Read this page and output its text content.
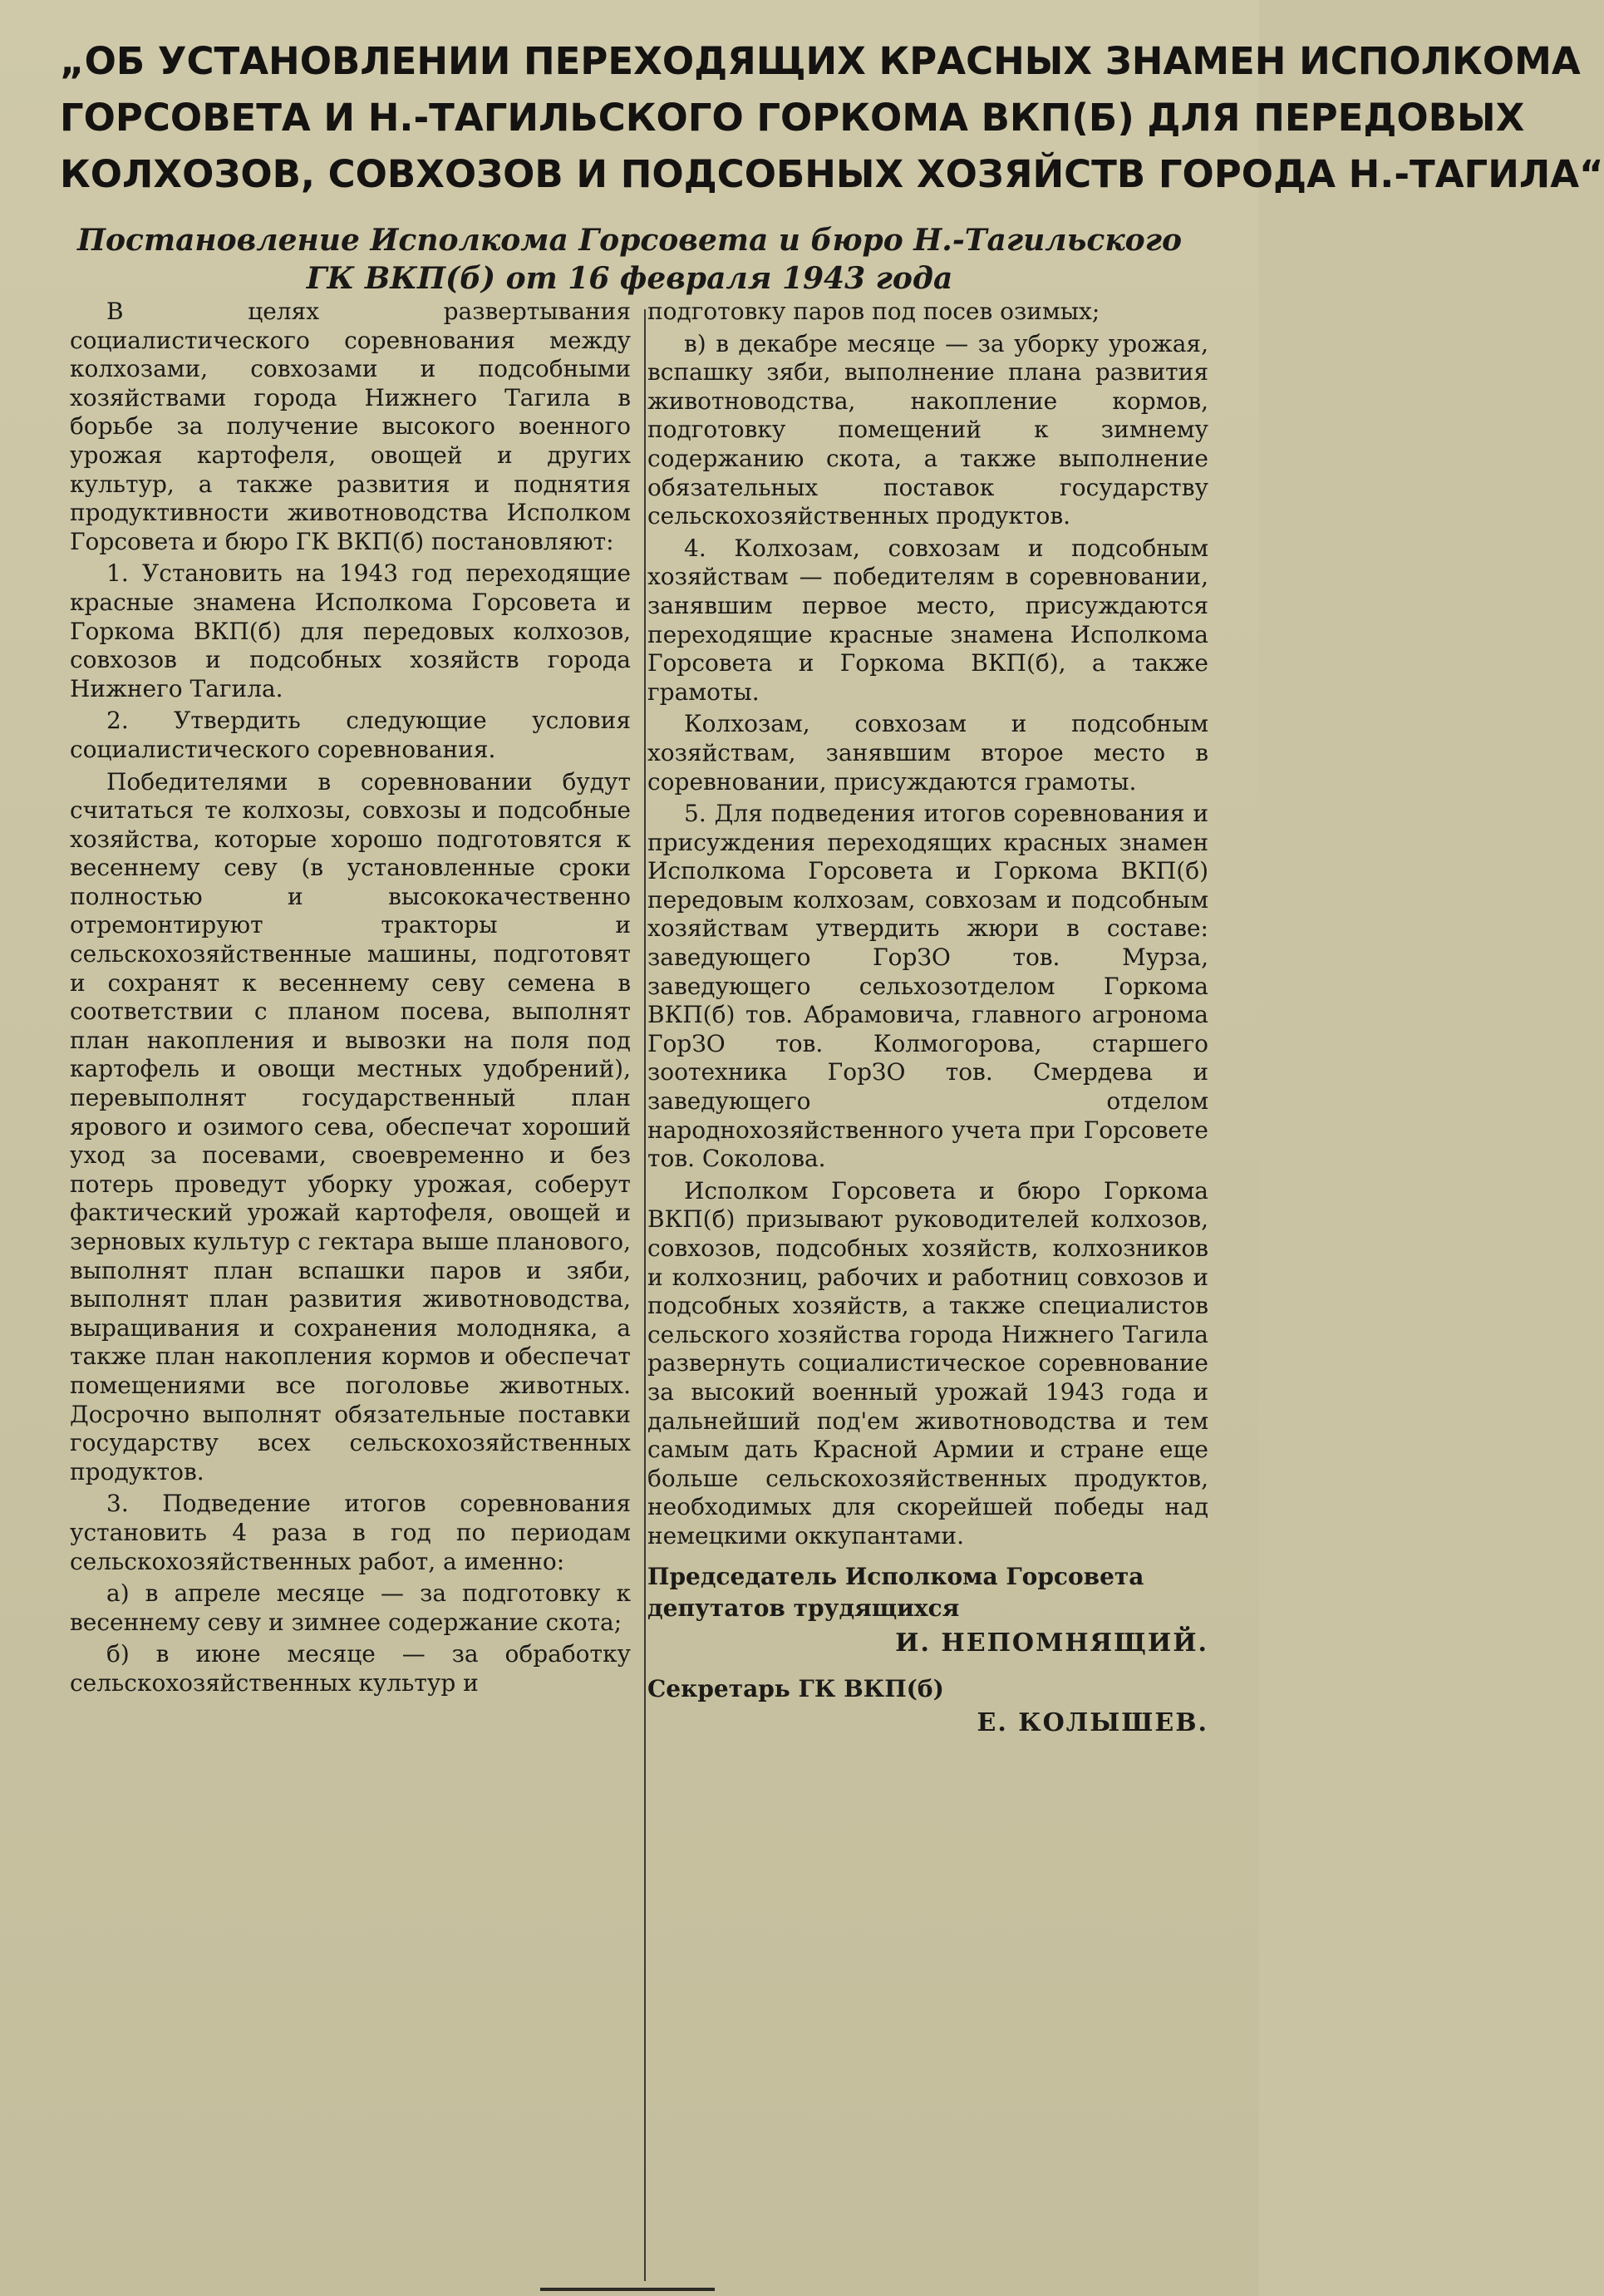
„ОБ УСТАНОВЛЕНИИ ПЕРЕХОДЯЩИХ КРАСНЫХ ЗНАМЕН ИСПОЛКОМА
ГОРСОВЕТА И Н.-ТАГИЛЬСКОГО ГОРКОМА ВКП(Б) ДЛЯ ПЕРЕДОВЫХ
КОЛХОЗОВ, СОВХОЗОВ И ПОДСОБНЫХ ХОЗЯЙСТВ ГОРОДА Н.-ТАГИЛА“
Постановление Исполкома Горсовета и бюро Н.-Тагильского
ГК ВКП(б) от 16 февраля 1943 года

В целях развертывания социалистического соревнования между колхозами, совхозами и подсобными хозяйствами города Нижнего Тагила в борьбе за получение высокого военного урожая картофеля, овощей и других культур, а также развития и поднятия продуктивности животноводства Исполком Горсовета и бюро ГК ВКП(б) постановляют:

1. Установить на 1943 год переходящие красные знамена Исполкома Горсовета и Горкома ВКП(б) для передовых колхозов, совхозов и подсобных хозяйств города Нижнего Тагила.

2. Утвердить следующие условия социалистического соревнования.

Победителями в соревновании будут считаться те колхозы, совхозы и подсобные хозяйства, которые хорошо подготовятся к весеннему севу (в установленные сроки полностью и высококачественно отремонтируют тракторы и сельскохозяйственные машины, подготовят и сохранят к весеннему севу семена в соответствии с планом посева, выполнят план накопления и вывозки на поля под картофель и овощи местных удобрений), перевыполнят государственный план ярового и озимого сева, обеспечат хороший уход за посевами, своевременно и без потерь проведут уборку урожая, соберут фактический урожай картофеля, овощей и зерновых культур с гектара выше планового, выполнят план вспашки паров и зяби, выполнят план развития животноводства, выращивания и сохранения молодняка, а также план накопления кормов и обеспечат помещениями все поголовье животных. Досрочно выполнят обязательные поставки государству всех сельскохозяйственных продуктов.

3. Подведение итогов соревнования установить 4 раза в год по периодам сельскохозяйственных работ, а именно:

а) в апреле месяце — за подготовку к весеннему севу и зимнее содержание скота;

б) в июне месяце — за обработку сельскохозяйственных культур и

подготовку паров под посев озимых;

в) в декабре месяце — за уборку урожая, вспашку зяби, выполнение плана развития животноводства, накопление кормов, подготовку помещений к зимнему содержанию скота, а также выполнение обязательных поставок государству сельскохозяйственных продуктов.

4. Колхозам, совхозам и подсобным хозяйствам — победителям в соревновании, занявшим первое место, присуждаются переходящие красные знамена Исполкома Горсовета и Горкома ВКП(б), а также грамоты.

Колхозам, совхозам и подсобным хозяйствам, занявшим второе место в соревновании, присуждаются грамоты.

5. Для подведения итогов соревнования и присуждения переходящих красных знамен Исполкома Горсовета и Горкома ВКП(б) передовым колхозам, совхозам и подсобным хозяйствам утвердить жюри в составе: заведующего ГорЗО тов. Мурза, заведующего сельхозотделом Горкома ВКП(б) тов. Абрамовича, главного агронома ГорЗО тов. Колмогорова, старшего зоотехника ГорЗО тов. Смердева и заведующего отделом народнохозяйственного учета при Горсовете тов. Соколова.

Исполком Горсовета и бюро Горкома ВКП(б) призывают руководителей колхозов, совхозов, подсобных хозяйств, колхозников и колхозниц, рабочих и работниц совхозов и подсобных хозяйств, а также специалистов сельского хозяйства города Нижнего Тагила развернуть социалистическое соревнование за высокий военный урожай 1943 года и дальнейший под'ем животноводства и тем самым дать Красной Армии и стране еще больше сельскохозяйственных продуктов, необходимых для скорейшей победы над немецкими оккупантами.

Председатель Исполкома Горсовета

депутатов трудящихся

И. НЕПОМНЯЩИЙ.

Секретарь ГК ВКП(б)

Е. КОЛЫШЕВ.
